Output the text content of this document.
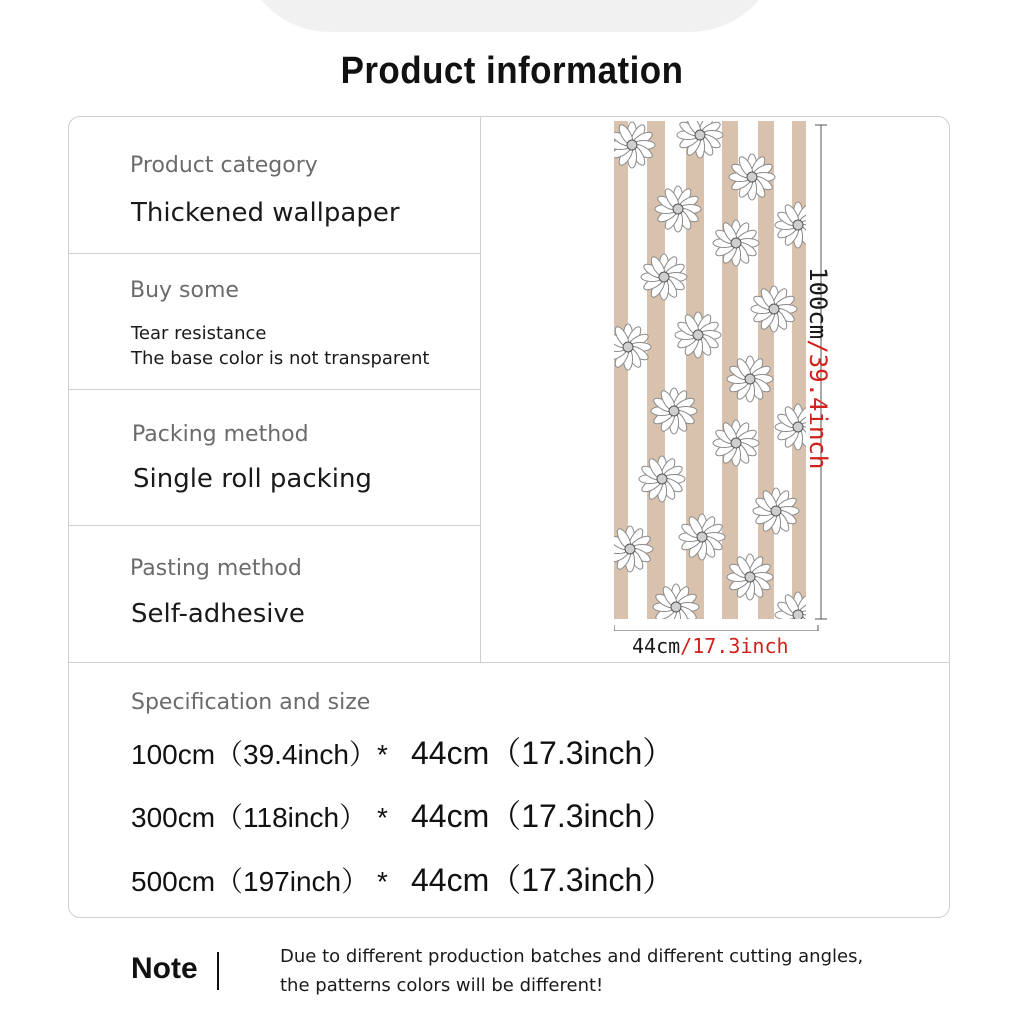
Product information
Product category
Thickened wallpaper
Buy some
Tear resistance
The base color is not transparent
Packing method
Single roll packing
Pasting method
Self-adhesive
100cm/39.4inch
44cm/17.3inch
Specification and size
100cm（39.4inch）* 44cm（17.3inch）
300cm（118inch） * 44cm（17.3inch）
500cm（197inch） * 44cm（17.3inch）
Note	Due to different production batches and different cutting angles,
the patterns colors will be different!
